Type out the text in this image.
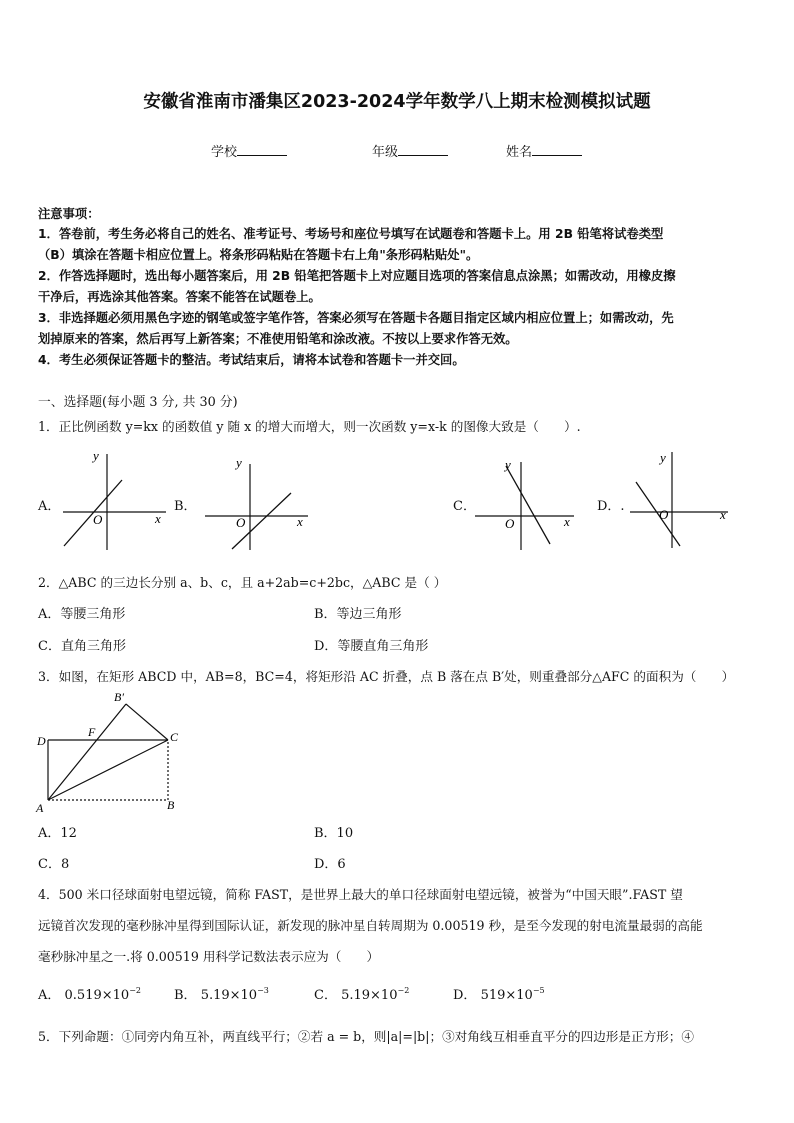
安徽省淮南市潘集区2023-2024学年数学八上期末检测模拟试题
学校	年级	姓名
注意事项：
1．答卷前，考生务必将自己的姓名、准考证号、考场号和座位号填写在试题卷和答题卡上。用 2B 铅笔将试卷类型
（B）填涂在答题卡相应位置上。将条形码粘贴在答题卡右上角"条形码粘贴处"。
2．作答选择题时，选出每小题答案后，用 2B 铅笔把答题卡上对应题目选项的答案信息点涂黑；如需改动，用橡皮擦
干净后，再选涂其他答案。答案不能答在试题卷上。
3．非选择题必须用黑色字迹的钢笔或签字笔作答，答案必须写在答题卡各题目指定区域内相应位置上；如需改动，先
划掉原来的答案，然后再写上新答案；不准使用铅笔和涂改液。不按以上要求作答无效。
4．考生必须保证答题卡的整洁。考试结束后，请将本试卷和答题卡一并交回。
一、选择题(每小题 3 分, 共 30 分)
1．正比例函数 y=kx 的函数值 y 随 x 的增大而增大，则一次函数 y=x-k 的图像大致是（　　）.
A．
y
x
O
B．
y
x
O
C．
y
x
O
D．.
y
x
O
2．△ABC 的三边长分别 a、b、c，且 a+2ab=c+2bc，△ABC 是（ ）
A．等腰三角形	B．等边三角形
C．直角三角形	D．等腰直角三角形
3．如图，在矩形 ABCD 中，AB=8，BC=4，将矩形沿 AC 折叠，点 B 落在点 B′处，则重叠部分△AFC 的面积为（　　）
D
A	B
C
F
B′
A．12	B．10
C．8	D．6
4．500 米口径球面射电望远镜，简称 FAST，是世界上最大的单口径球面射电望远镜，被誉为“中国天眼”.FAST 望
远镜首次发现的毫秒脉冲星得到国际认证，新发现的脉冲星自转周期为 0.00519 秒，是至今发现的射电流量最弱的高能
毫秒脉冲星之一.将 0.00519 用科学记数法表示应为（　　）
A． $0.519\times 10^{-2}$	B． $5.19\times 10^{-3}$	C． $5.19\times 10^{-2}$	D． $519\times 10^{-5}$
5．下列命题：①同旁内角互补，两直线平行；②若 a = b，则|a|=|b|；③对角线互相垂直平分的四边形是正方形；④
